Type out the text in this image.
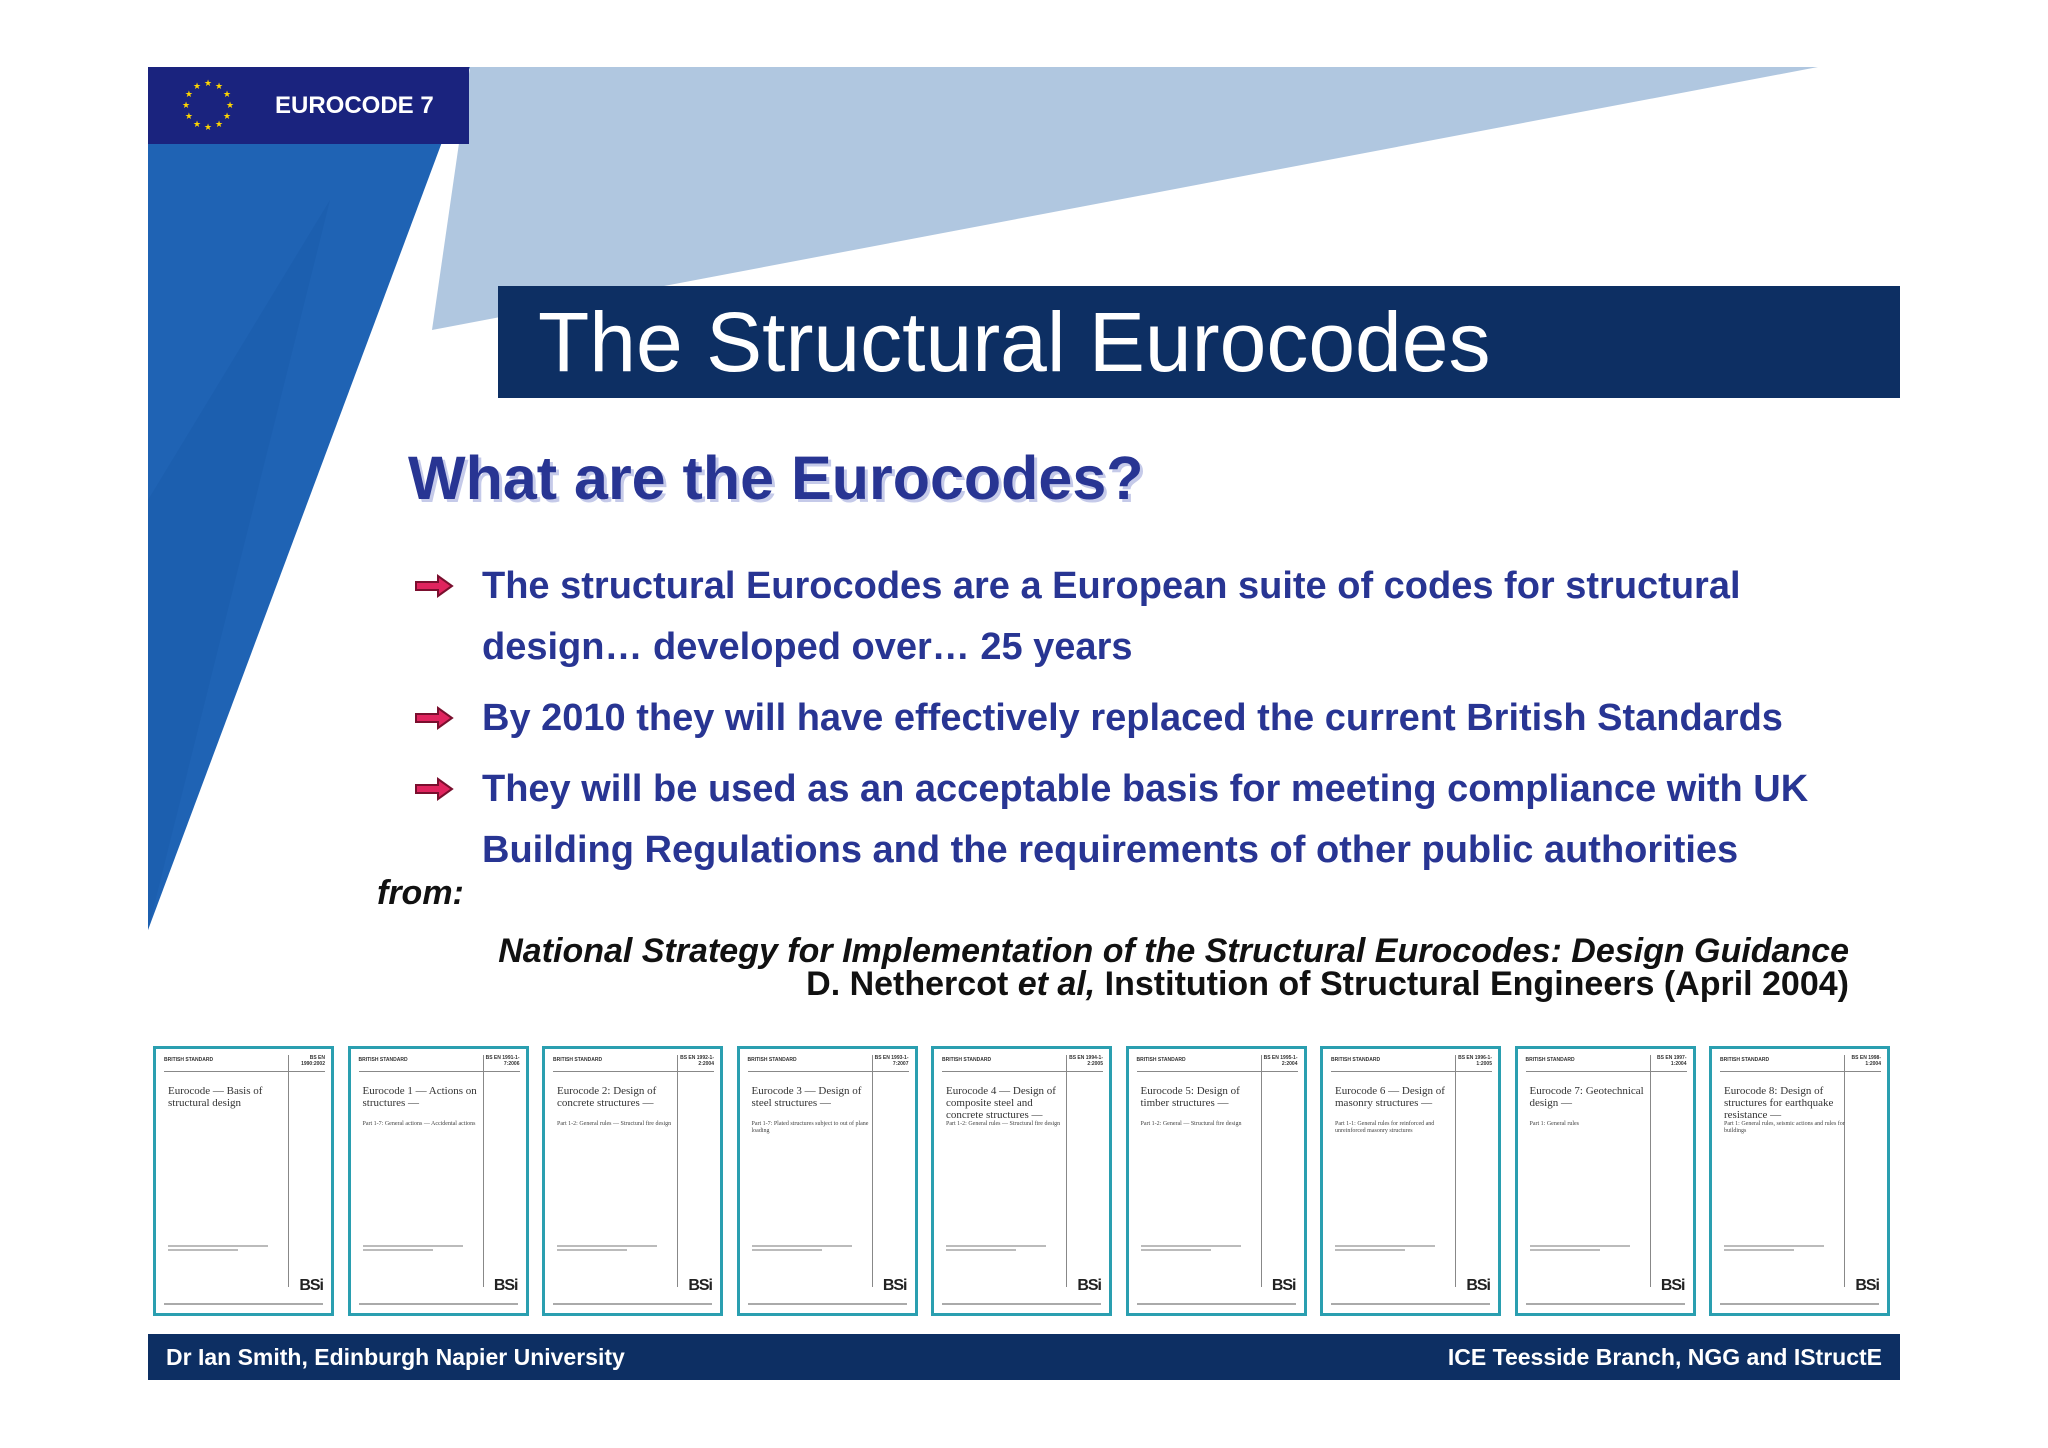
★ ★
★
★
★
★
★
★
★
★
★
★
EUROCODE 7
The Structural Eurocodes
What are the Eurocodes?
The structural Eurocodes are a European suite of codes for structural design… developed over… 25 years
By 2010 they will have effectively replaced the current British Standards
They will be used as an acceptable basis for meeting compliance with UK Building Regulations and the requirements of other public authorities
from:
National Strategy for Implementation of the Structural Eurocodes: Design Guidance
D. Nethercot et al, Institution of Structural Engineers (April 2004)
BRITISH STANDARD	BS EN 1990:2002
Eurocode — Basis of structural design
BSi
BRITISH STANDARD	BS EN 1991-1-7:2006
Eurocode 1 — Actions on structures —
Part 1-7: General actions — Accidental actions
BSi
BRITISH STANDARD	BS EN 1992-1-2:2004
Eurocode 2: Design of concrete structures —
Part 1-2: General rules — Structural fire design
BSi
BRITISH STANDARD	BS EN 1993-1-7:2007
Eurocode 3 — Design of steel structures —
Part 1-7: Plated structures subject to out of plane loading
BSi
BRITISH STANDARD	BS EN 1994-1-2:2005
Eurocode 4 — Design of composite steel and concrete structures —
Part 1-2: General rules — Structural fire design
BSi
BRITISH STANDARD	BS EN 1995-1-2:2004
Eurocode 5: Design of timber structures —
Part 1-2: General — Structural fire design
BSi
BRITISH STANDARD	BS EN 1996-1-1:2005
Eurocode 6 — Design of masonry structures —
Part 1-1: General rules for reinforced and unreinforced masonry structures
BSi
BRITISH STANDARD	BS EN 1997-1:2004
Eurocode 7: Geotechnical design —
Part 1: General rules
BSi
BRITISH STANDARD	BS EN 1998-1:2004
Eurocode 8: Design of structures for earthquake resistance —
Part 1: General rules, seismic actions and rules for buildings
BSi
Dr Ian Smith, Edinburgh Napier University	ICE Teesside Branch, NGG and IStructE
